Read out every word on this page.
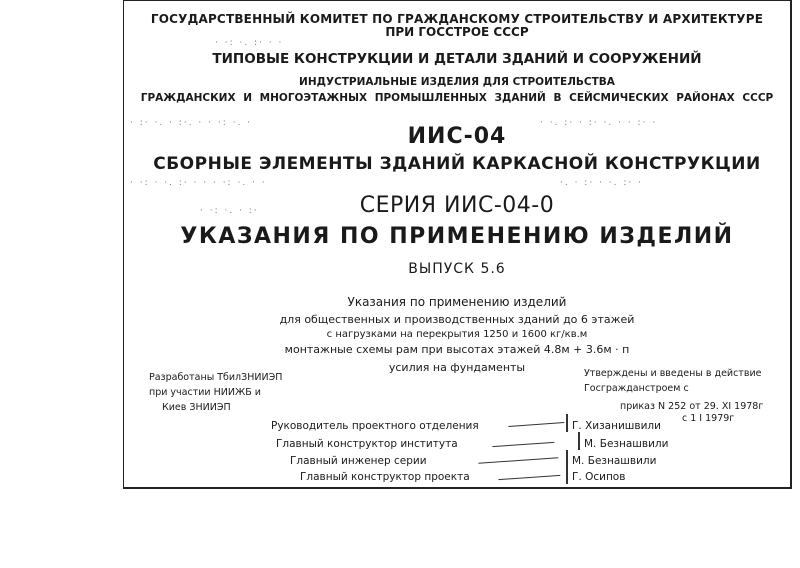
· ·: ·. :· · ·
· :· ·. · :·. · · ·: ·. ·	· ·. :· · :· ·. · · :· ·
· ·: · ·. :· · · · ·: ·. · ·	·. · :· · ·. :· ·
· ·: ·. · :·
ГОСУДАРСТВЕННЫЙ КОМИТЕТ ПО ГРАЖДАНСКОМУ СТРОИТЕЛЬСТВУ И АРХИТЕКТУРЕ
ПРИ ГОССТРОЕ СССР
ТИПОВЫЕ КОНСТРУКЦИИ И ДЕТАЛИ ЗДАНИЙ И СООРУЖЕНИЙ
ИНДУСТРИАЛЬНЫЕ ИЗДЕЛИЯ ДЛЯ СТРОИТЕЛЬСТВА
ГРАЖДАНСКИХ И МНОГОЭТАЖНЫХ ПРОМЫШЛЕННЫХ ЗДАНИЙ В СЕЙСМИЧЕСКИХ РАЙОНАХ СССР
ИИС-04
СБОРНЫЕ ЭЛЕМЕНТЫ ЗДАНИЙ КАРКАСНОЙ КОНСТРУКЦИИ
СЕРИЯ ИИС-04-0
УКАЗАНИЯ ПО ПРИМЕНЕНИЮ ИЗДЕЛИЙ
ВЫПУСК 5.6
Указания по применению изделий
для общественных и производственных зданий до 6 этажей
с нагрузками на перекрытия 1250 и 1600 кг/кв.м
монтажные схемы рам при высотах этажей 4.8м + 3.6м · п
усилия на фундаменты
Разработаны ТбилЗНИИЭП
при участии НИИЖБ и
Киев ЗНИИЭП
Утверждены и введены в действие
Госгражданстроем с
приказ N 252 от 29. XI 1978г
с 1 I 1979г
Руководитель проектного отделения	Г. Хизанишвили
Главный конструктор института	М. Безнашвили
Главный инженер серии	М. Безнашвили
Главный конструктор проекта	Г. Осипов
